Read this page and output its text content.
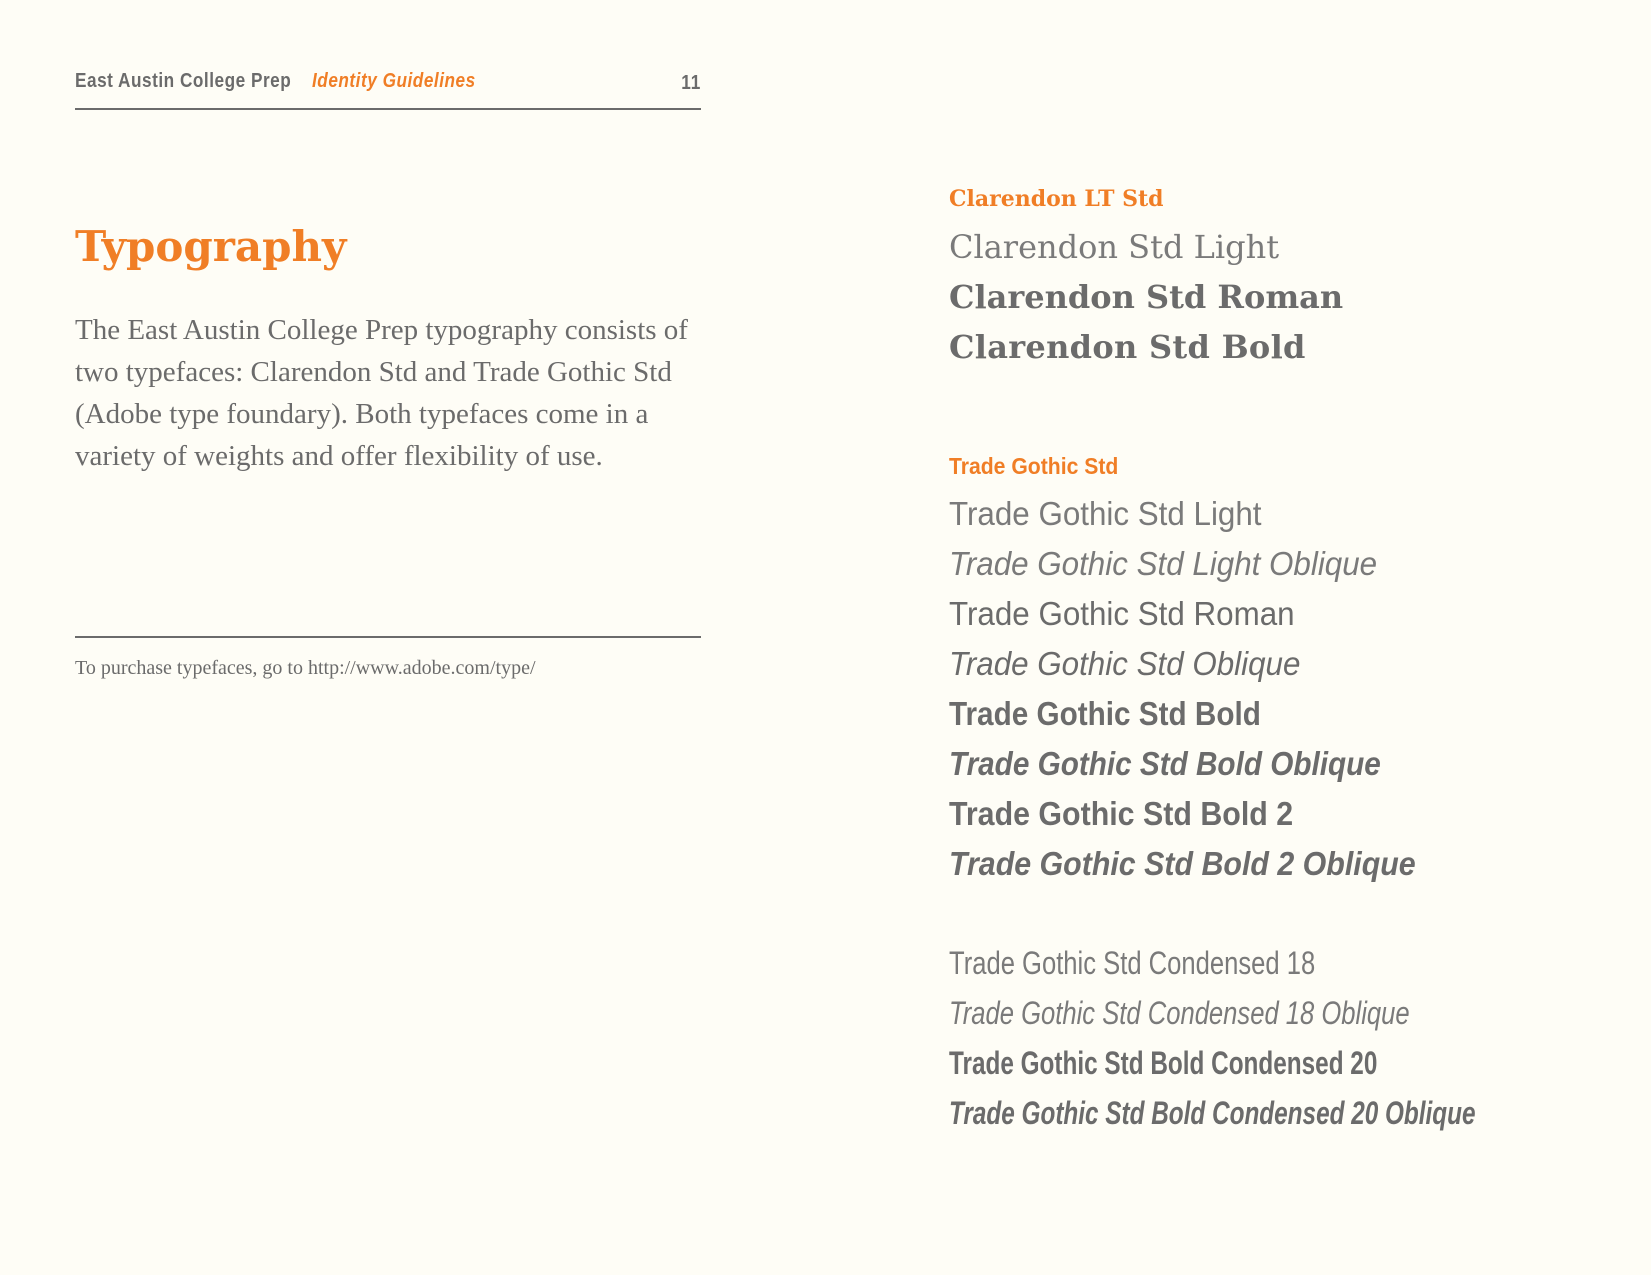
East Austin College Prep Identity Guidelines	11
Typography

The East Austin College Prep typography consists of two typefaces: Clarendon Std and Trade Gothic Std (Adobe type foundary). Both typefaces come in a variety of weights and offer flexibility of use.

To purchase typefaces, go to http://www.adobe.com/type/

Clarendon LT Std
Clarendon Std Light
Clarendon Std Roman
Clarendon Std Bold
Trade Gothic Std
Trade Gothic Std Light
Trade Gothic Std Light Oblique
Trade Gothic Std Roman
Trade Gothic Std Oblique
Trade Gothic Std Bold
Trade Gothic Std Bold Oblique
Trade Gothic Std Bold 2
Trade Gothic Std Bold 2 Oblique
Trade Gothic Std Condensed 18
Trade Gothic Std Condensed 18 Oblique
Trade Gothic Std Bold Condensed 20
Trade Gothic Std Bold Condensed 20 Oblique
